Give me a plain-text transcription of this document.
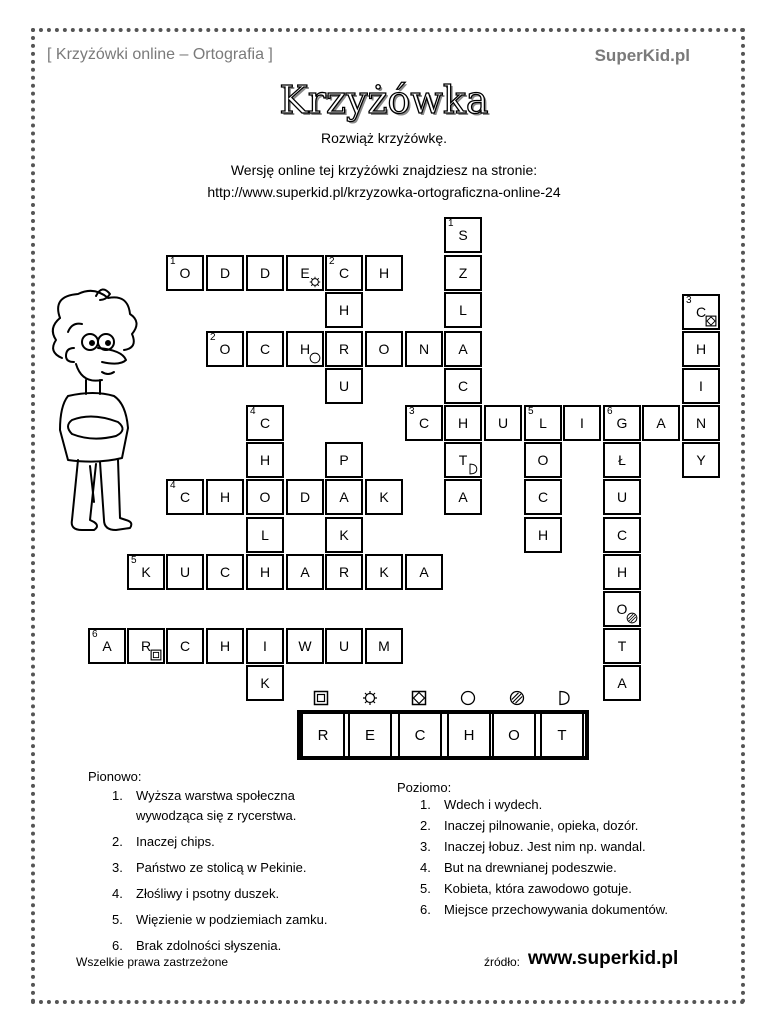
[ Krzyżówki online – Ortografia ]	SuperKid.pl
Krzyżówka
Rozwiąż krzyżówkę.
Wersję online tej krzyżówki znajdziesz na stronie:
http://www.superkid.pl/krzyzowka-ortograficzna-online-24
O
1
D D E C
2
H
O
2
C H R O N A
C
3
H U L
5
I G
6
A N
C
4
H O D A K
K
5
U C H A R K A
A
6
R C H I W U M
S
1
Z
L
C
T
A
H
U
P
K
C
3
H
I
Y
C
4
H
L
K
O
C
H
Ł
U
C
H
O
T
A
R	E	C	H	O	T
Pionowo:
1. Wyższa warstwa społeczna
wywodząca się z rycerstwa.
2. Inaczej chips.
3. Państwo ze stolicą w Pekinie.
4. Złośliwy i psotny duszek.
5. Więzienie w podziemiach zamku.
6. Brak zdolności słyszenia.
Poziomo:
1. Wdech i wydech.
2. Inaczej pilnowanie, opieka, dozór.
3. Inaczej łobuz. Jest nim np. wandal.
4. But na drewnianej podeszwie.
5. Kobieta, która zawodowo gotuje.
6. Miejsce przechowywania dokumentów.
Wszelkie prawa zastrzeżone	źródło: www.superkid.pl
